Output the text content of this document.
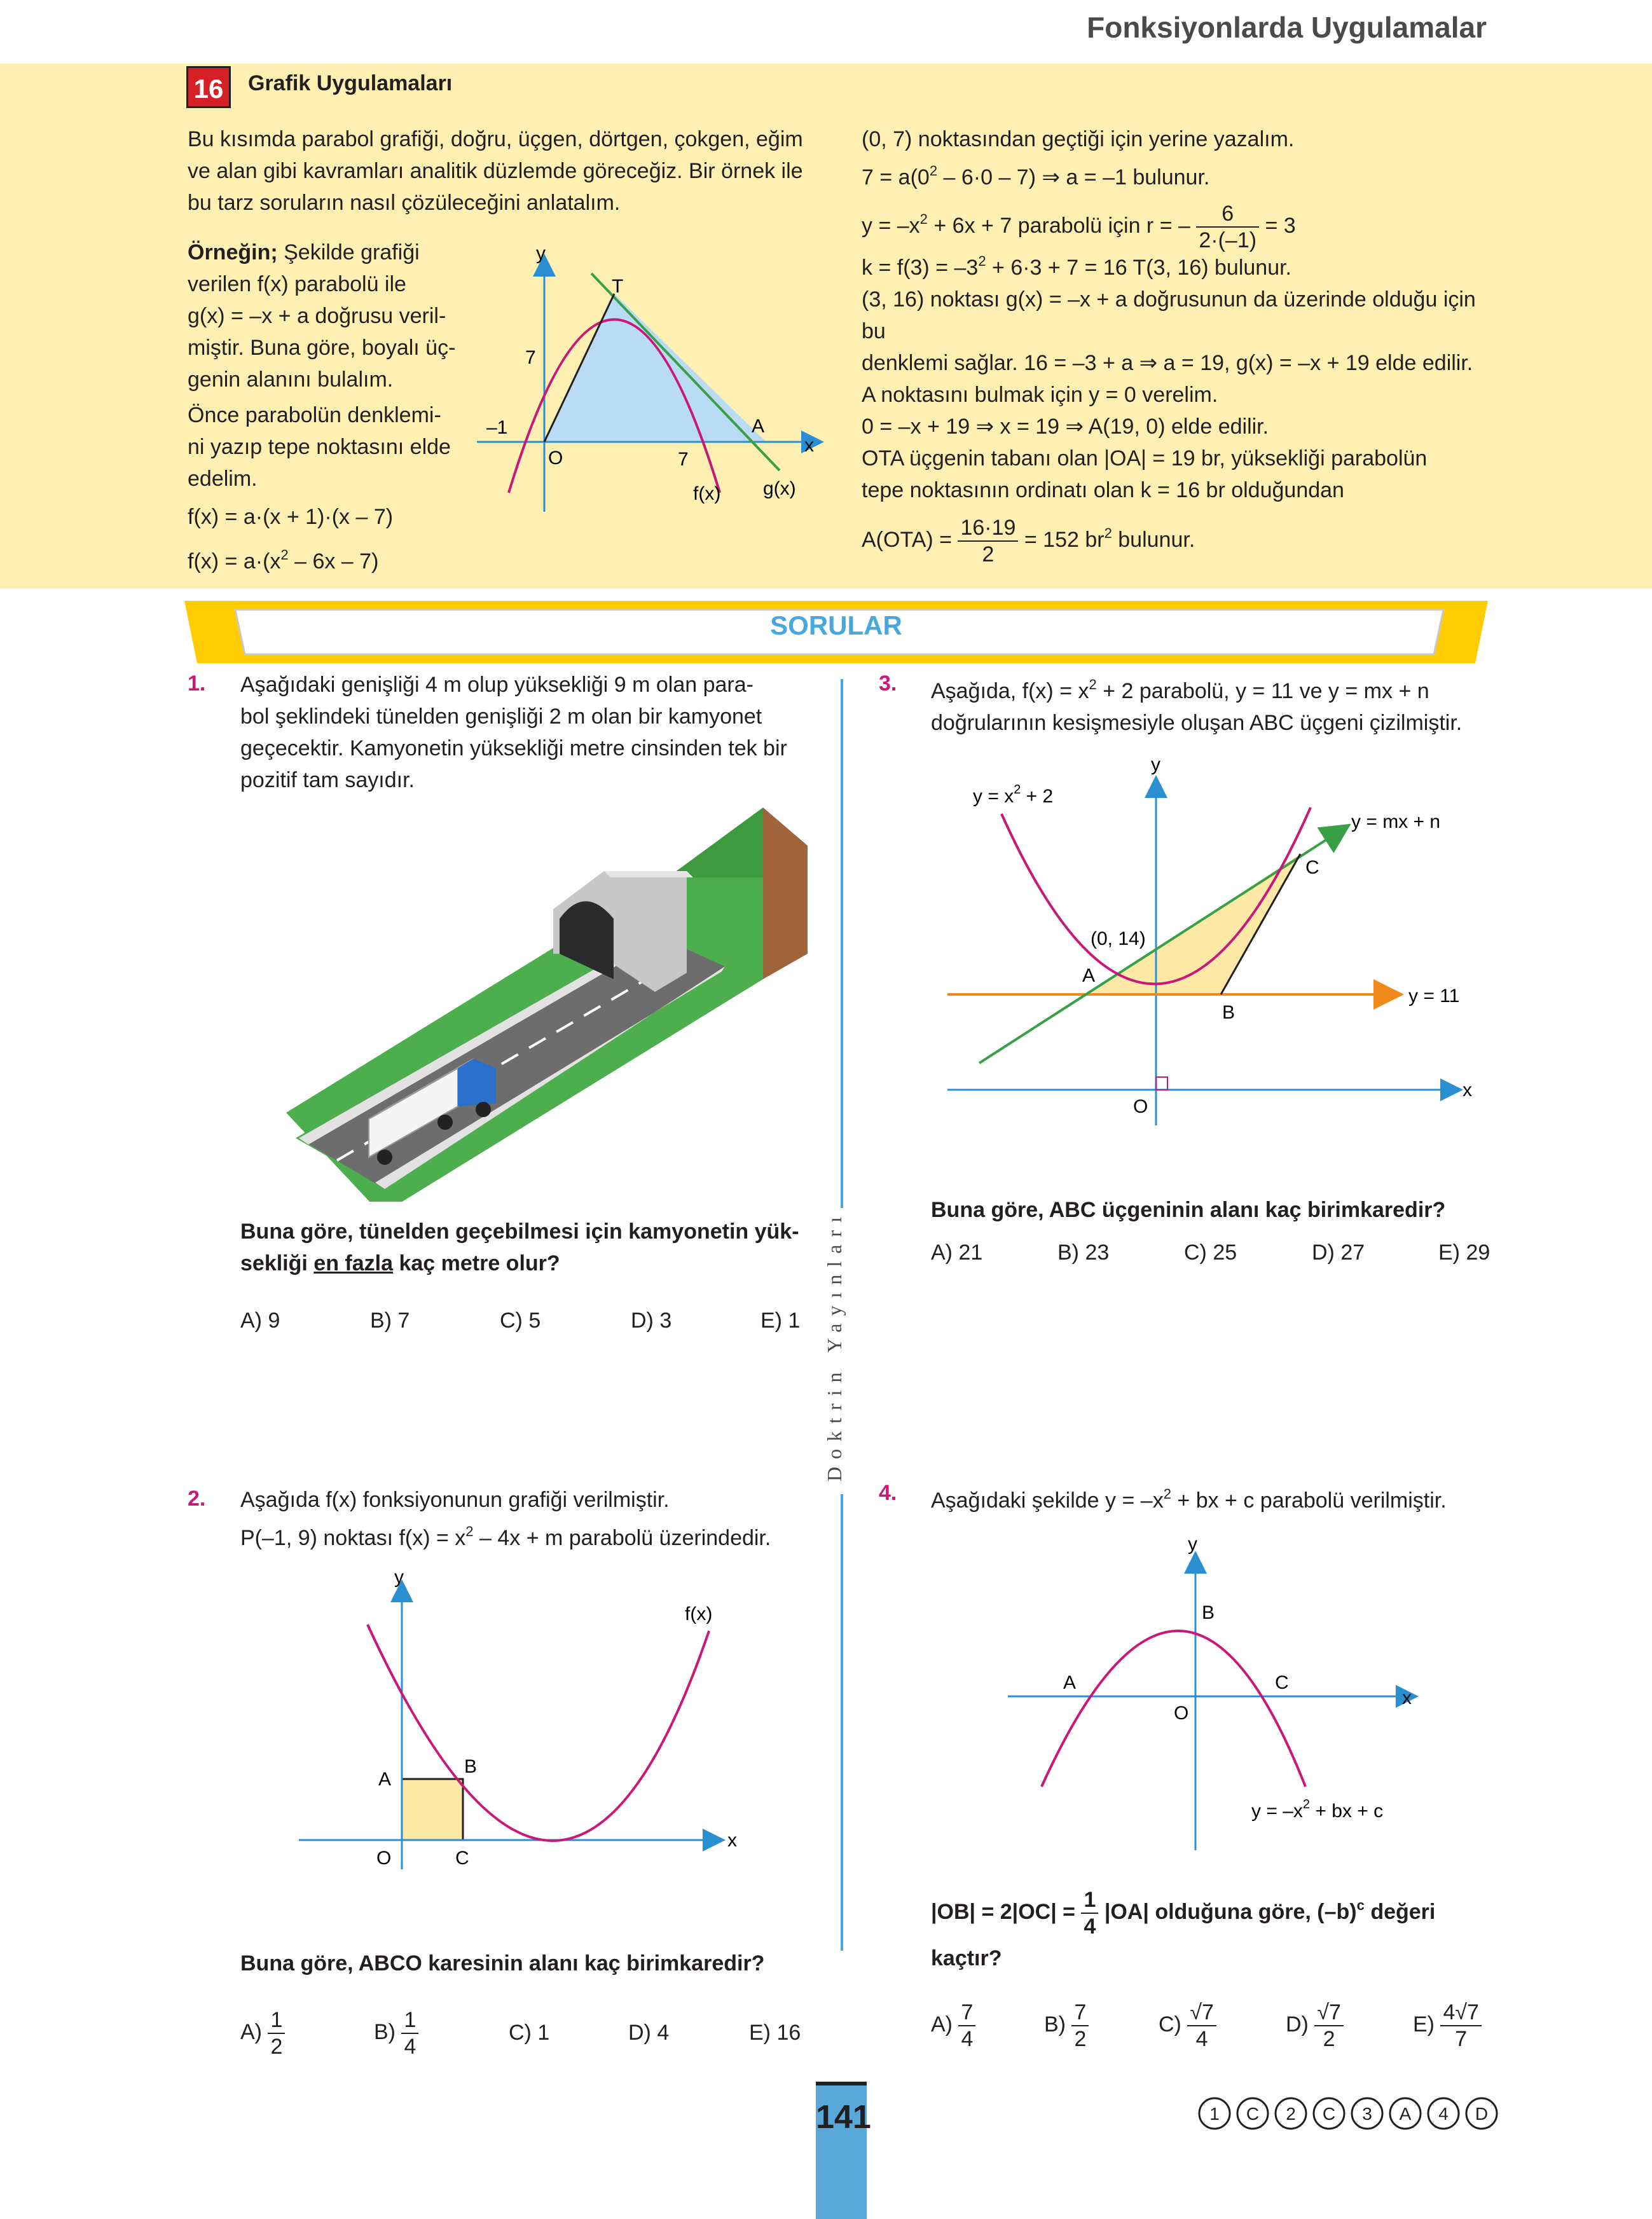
Fonksiyonlarda Uygulamalar
16	Grafik Uygulamaları
Bu kısımda parabol grafiği, doğru, üçgen, dörtgen, çokgen, eğim
ve alan gibi kavramları analitik düzlemde göreceğiz. Bir örnek ile
bu tarz soruların nasıl çözüleceğini anlatalım.
Örneğin; Şekilde grafiği
verilen f(x) parabolü ile
g(x) = –x + a doğrusu veril-
miştir. Buna göre, boyalı üç-
genin alanını bulalım.
Önce parabolün denklemi-
ni yazıp tepe noktasını elde
edelim.
f(x) = a·(x + 1)·(x – 7)
$f(x) = a\cdot(x^2 - 6x - 7)$
y
T
7
–1
O	7
A
x
f(x) g(x)
(0, 7) noktasından geçtiği için yerine yazalım.
$7 = a(0^2 - 6\cdot 0 - 7)$ ⇒ a = –1 bulunur.
$y = -x^2 + 6x + 7$ parabolü için r = – $\frac{6}{2\cdot(-1)} = 3$
$k = f(3) = -3^2 + 6\cdot 3 + 7 = 16$ T(3, 16) bulunur.
(3, 16) noktası g(x) = –x + a doğrusunun da üzerinde olduğu için bu
denklemi sağlar. 16 = –3 + a ⇒ a = 19, g(x) = –x + 19 elde edilir.
A noktasını bulmak için y = 0 verelim.
0 = –x + 19 ⇒ x = 19 ⇒ A(19, 0) elde edilir.
OTA üçgenin tabanı olan |OA| = 19 br, yüksekliği parabolün
tepe noktasının ordinatı olan k = 16 br olduğundan
$A(OTA) = \frac{16\cdot 19}{2} = 152$ $br^2$ bulunur.
SORULAR
Doktrin Yayınları
1. Aşağıdaki genişliği 4 m olup yüksekliği 9 m olan para-
bol şeklindeki tünelden genişliği 2 m olan bir kamyonet
geçecektir. Kamyonetin yüksekliği metre cinsinden tek bir
pozitif tam sayıdır.
Buna göre, tünelden geçebilmesi için kamyonetin yük-
sekliği en fazla kaç metre olur?
A) 9	B) 7	C) 5	D) 3	E) 1
2. Aşağıda f(x) fonksiyonunun grafiği verilmiştir.
P(–1, 9) noktası $f(x) = x^2 - 4x + m$ parabolü üzerindedir.
y
f(x)
A
B
O	C
x
Buna göre, ABCO karesinin alanı kaç birimkaredir?
$A) \frac{1}{2}$	$B) \frac{1}{4}$	C) 1	D) 4	E) 16
3. Aşağıda, $f(x) = x^2 + 2$ parabolü, y = 11 ve y = mx + n
doğrularının kesişmesiyle oluşan ABC üçgeni çizilmiştir.
y
$y = x^2 + 2$
y = mx + n
C
(0, 14)
A
B
y = 11
x
O
Buna göre, ABC üçgeninin alanı kaç birimkaredir?
A) 21	B) 23	C) 25	D) 27	E) 29
4. Aşağıdaki şekilde $y = -x^2$ + bx + c parabolü verilmiştir.
y
B
A	C
x
O
$y = -x^2$ + bx + c
$|OB| = 2|OC| = \frac{1}{4} |OA|$ olduğuna göre, $(-b)^c$ değeri
kaçtır?
$A) \frac{7}{4}$	$B) \frac{7}{2}$	$C) \frac{√7}{4}$	$D) \frac{√7}{2}$	$E) \frac{4√7}{7}$
141	1 C 2 C 3 A 4 D
